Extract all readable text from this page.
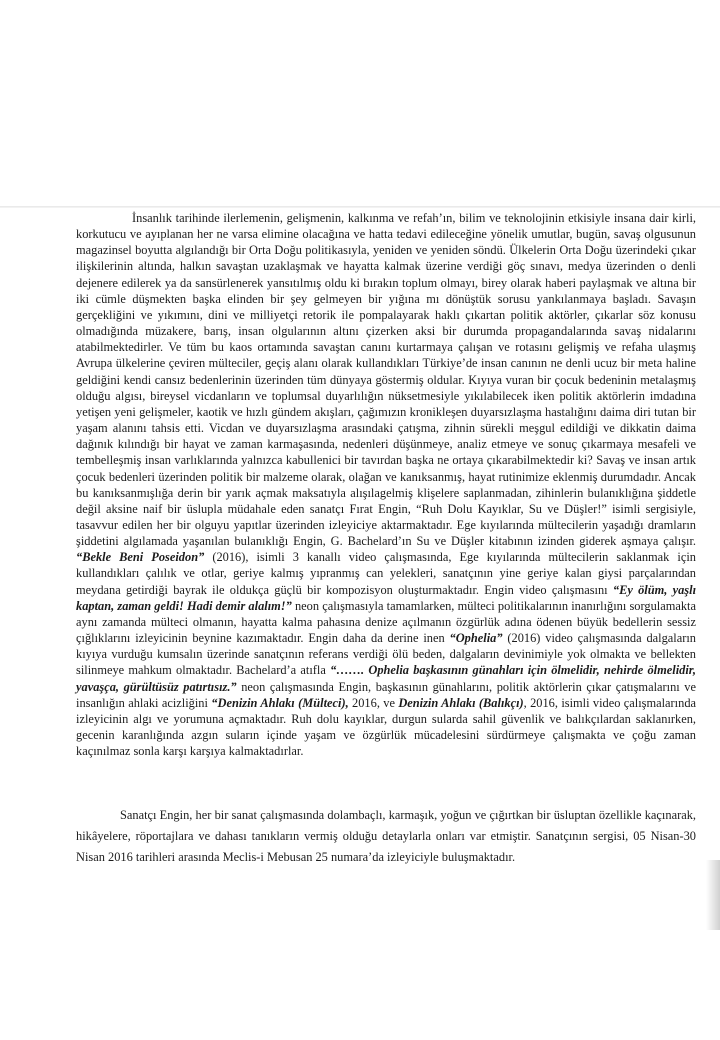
İnsanlık tarihinde ilerlemenin, gelişmenin, kalkınma ve refah’ın, bilim ve teknolojinin etkisiyle insana dair kirli, korkutucu ve ayıplanan her ne varsa elimine olacağına ve hatta tedavi edileceğine yönelik umutlar, bugün, savaş olgusunun magazinsel boyutta algılandığı bir Orta Doğu politikasıyla, yeniden ve yeniden söndü. Ülkelerin Orta Doğu üzerindeki çıkar ilişkilerinin altında, halkın savaştan uzaklaşmak ve hayatta kalmak üzerine verdiği göç sınavı, medya üzerinden o denli dejenere edilerek ya da sansürlenerek yansıtılmış oldu ki bırakın toplum olmayı, birey olarak haberi paylaşmak ve altına bir iki cümle düşmekten başka elinden bir şey gelmeyen bir yığına mı dönüştük sorusu yankılanmaya başladı. Savaşın gerçekliğini ve yıkımını, dini ve milliyetçi retorik ile pompalayarak haklı çıkartan politik aktörler, çıkarlar söz konusu olmadığında müzakere, barış, insan olgularının altını çizerken aksi bir durumda propagandalarında savaş nidalarını atabilmektedirler. Ve tüm bu kaos ortamında savaştan canını kurtarmaya çalışan ve rotasını gelişmiş ve refaha ulaşmış Avrupa ülkelerine çeviren mülteciler, geçiş alanı olarak kullandıkları Türkiye’de insan canının ne denli ucuz bir meta haline geldiğini kendi cansız bedenlerinin üzerinden tüm dünyaya göstermiş oldular. Kıyıya vuran bir çocuk bedeninin metalaşmış olduğu algısı, bireysel vicdanların ve toplumsal duyarlılığın nüksetmesiyle yıkılabilecek iken politik aktörlerin imdadına yetişen yeni gelişmeler, kaotik ve hızlı gündem akışları, çağımızın kronikleşen duyarsızlaşma hastalığını daima diri tutan bir yaşam alanını tahsis etti. Vicdan ve duyarsızlaşma arasındaki çatışma, zihnin sürekli meşgul edildiği ve dikkatin daima dağınık kılındığı bir hayat ve zaman karmaşasında, nedenleri düşünmeye, analiz etmeye ve sonuç çıkarmaya mesafeli ve tembelleşmiş insan varlıklarında yalnızca kabullenici bir tavırdan başka ne ortaya çıkarabilmektedir ki? Savaş ve insan artık çocuk bedenleri üzerinden politik bir malzeme olarak, olağan ve kanıksanmış, hayat rutinimize eklenmiş durumdadır. Ancak bu kanıksanmışlığa derin bir yarık açmak maksatıyla alışılagelmiş klişelere saplanmadan, zihinlerin bulanıklığına şiddetle değil aksine naif bir üslupla müdahale eden sanatçı Fırat Engin, “Ruh Dolu Kayıklar, Su ve Düşler!” isimli sergisiyle, tasavvur edilen her bir olguyu yapıtlar üzerinden izleyiciye aktarmaktadır. Ege kıyılarında mültecilerin yaşadığı dramların şiddetini algılamada yaşanılan bulanıklığı Engin, G. Bachelard’ın Su ve Düşler kitabının izinden giderek aşmaya çalışır. “Bekle Beni Poseidon” (2016), isimli 3 kanallı video çalışmasında, Ege kıyılarında mültecilerin saklanmak için kullandıkları çalılık ve otlar, geriye kalmış yıpranmış can yelekleri, sanatçının yine geriye kalan giysi parçalarından meydana getirdiği bayrak ile oldukça güçlü bir kompozisyon oluşturmaktadır. Engin video çalışmasını “Ey ölüm, yaşlı kaptan, zaman geldi! Hadi demir alalım!” neon çalışmasıyla tamamlarken, mülteci politikalarının inanırlığını sorgulamakta aynı zamanda mülteci olmanın, hayatta kalma pahasına denize açılmanın özgürlük adına ödenen büyük bedellerin sessiz çığlıklarını izleyicinin beynine kazımaktadır. Engin daha da derine inen “Ophelia” (2016) video çalışmasında dalgaların kıyıya vurduğu kumsalın üzerinde sanatçının referans verdiği ölü beden, dalgaların devinimiyle yok olmakta ve bellekten silinmeye mahkum olmaktadır. Bachelard’a atıfla “……. Ophelia başkasının günahları için ölmelidir, nehirde ölmelidir, yavaşça, gürültüsüz patırtısız.” neon çalışmasında Engin, başkasının günahlarını, politik aktörlerin çıkar çatışmalarını ve insanlığın ahlaki acizliğini “Denizin Ahlakı (Mülteci), 2016, ve Denizin Ahlakı (Balıkçı), 2016, isimli video çalışmalarında izleyicinin algı ve yorumuna açmaktadır. Ruh dolu kayıklar, durgun sularda sahil güvenlik ve balıkçılardan saklanırken, gecenin karanlığında azgın suların içinde yaşam ve özgürlük mücadelesini sürdürmeye çalışmakta ve çoğu zaman kaçınılmaz sonla karşı karşıya kalmaktadırlar.

Sanatçı Engin, her bir sanat çalışmasında dolambaçlı, karmaşık, yoğun ve çığırtkan bir üsluptan özellikle kaçınarak, hikâyelere, röportajlara ve dahası tanıkların vermiş olduğu detaylarla onları var etmiştir. Sanatçının sergisi, 05 Nisan-30 Nisan 2016 tarihleri arasında Meclis-i Mebusan 25 numara’da izleyiciyle buluşmaktadır.
